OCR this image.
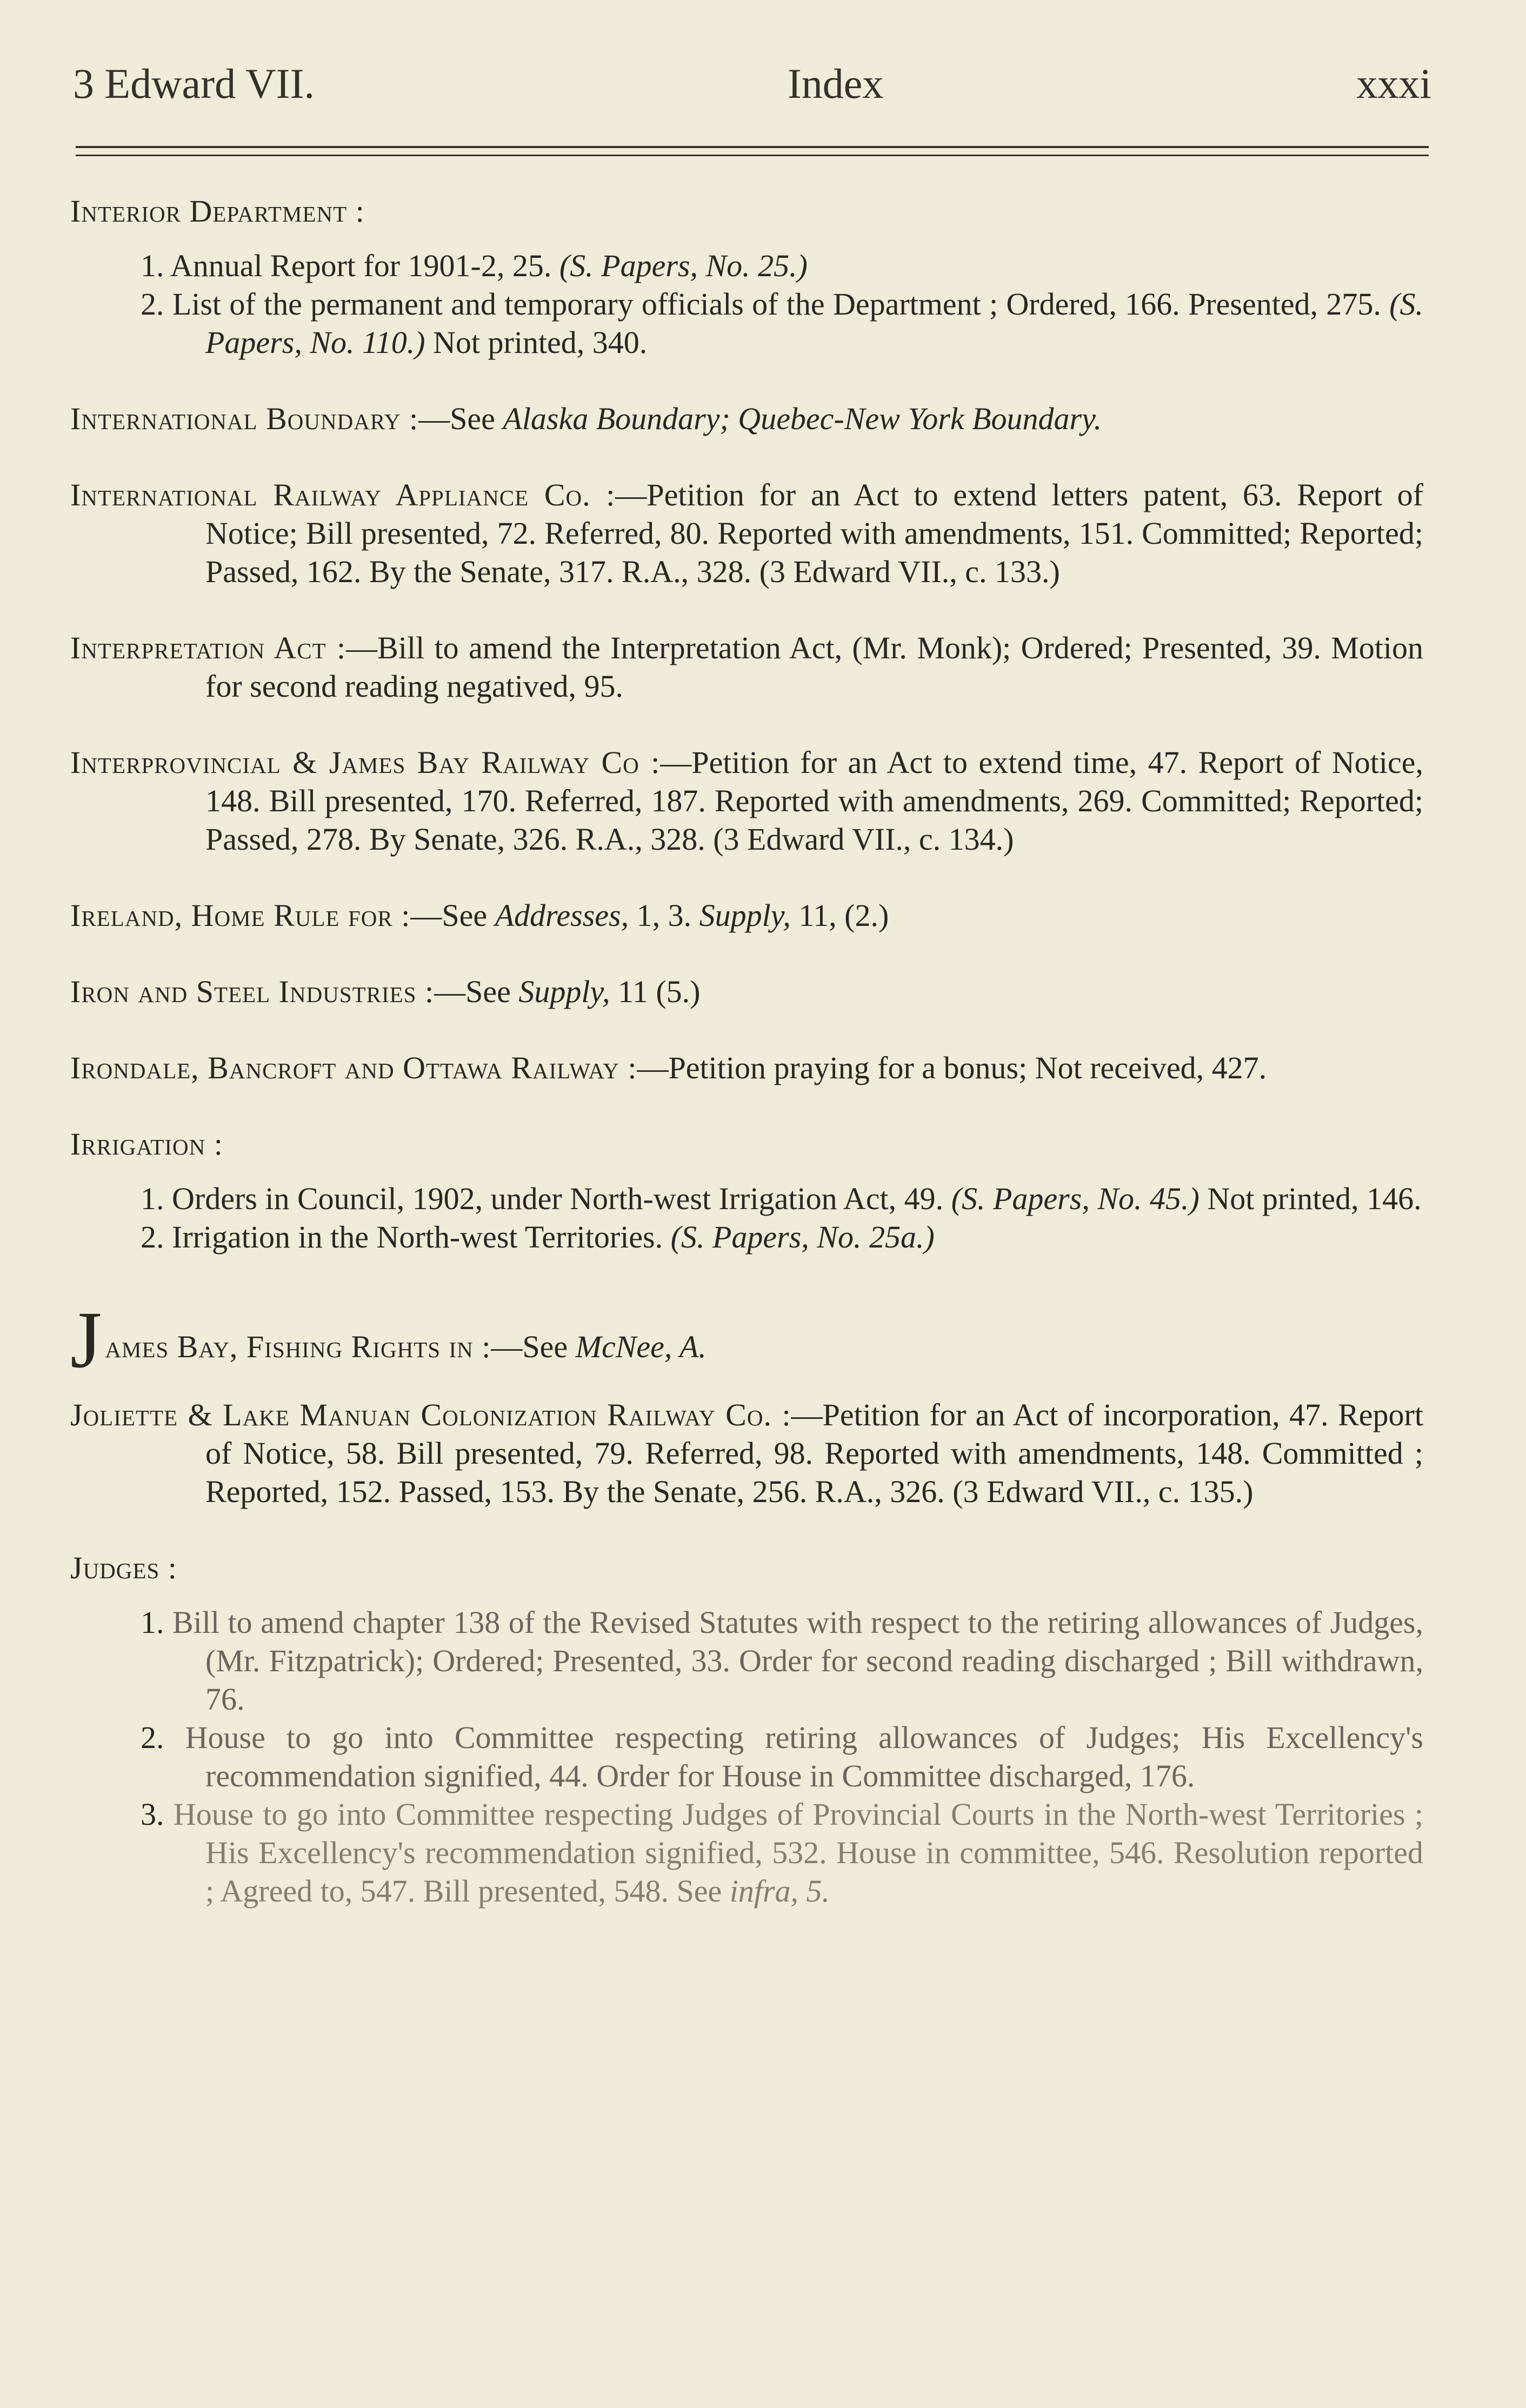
3 Edward VII.	Index	xxxi
Interior Department :

1. Annual Report for 1901-2, 25. (S. Papers, No. 25.)

2. List of the permanent and temporary officials of the Department ; Ordered, 166. Presented, 275. (S. Papers, No. 110.) Not printed, 340.

International Boundary :—See Alaska Boundary; Quebec-New York Boundary.

International Railway Appliance Co. :—Petition for an Act to extend letters patent, 63. Report of Notice; Bill presented, 72. Referred, 80. Reported with amendments, 151. Committed; Reported; Passed, 162. By the Senate, 317. R.A., 328. (3 Edward VII., c. 133.)

Interpretation Act :—Bill to amend the Interpretation Act, (Mr. Monk); Ordered; Presented, 39. Motion for second reading negatived, 95.

Interprovincial & James Bay Railway Co :—Petition for an Act to extend time, 47. Report of Notice, 148. Bill presented, 170. Referred, 187. Reported with amendments, 269. Committed; Reported; Passed, 278. By Senate, 326. R.A., 328. (3 Edward VII., c. 134.)

Ireland, Home Rule for :—See Addresses, 1, 3. Supply, 11, (2.)

Iron and Steel Industries :—See Supply, 11 (5.)

Irondale, Bancroft and Ottawa Railway :—Petition praying for a bonus; Not received, 427.

Irrigation :

1. Orders in Council, 1902, under North-west Irrigation Act, 49. (S. Papers, No. 45.) Not printed, 146.

2. Irrigation in the North-west Territories. (S. Papers, No. 25a.)

James Bay, Fishing Rights in :—See McNee, A.

Joliette & Lake Manuan Colonization Railway Co. :—Petition for an Act of incorporation, 47. Report of Notice, 58. Bill presented, 79. Referred, 98. Reported with amendments, 148. Committed ; Reported, 152. Passed, 153. By the Senate, 256. R.A., 326. (3 Edward VII., c. 135.)

Judges :

1. Bill to amend chapter 138 of the Revised Statutes with respect to the retiring allowances of Judges, (Mr. Fitzpatrick); Ordered; Presented, 33. Order for second reading discharged ; Bill withdrawn, 76.

2. House to go into Committee respecting retiring allowances of Judges; His Excellency's recommendation signified, 44. Order for House in Committee discharged, 176.

3. House to go into Committee respecting Judges of Provincial Courts in the North-west Territories ; His Excellency's recommendation signified, 532. House in committee, 546. Resolution reported ; Agreed to, 547. Bill presented, 548. See infra, 5.
